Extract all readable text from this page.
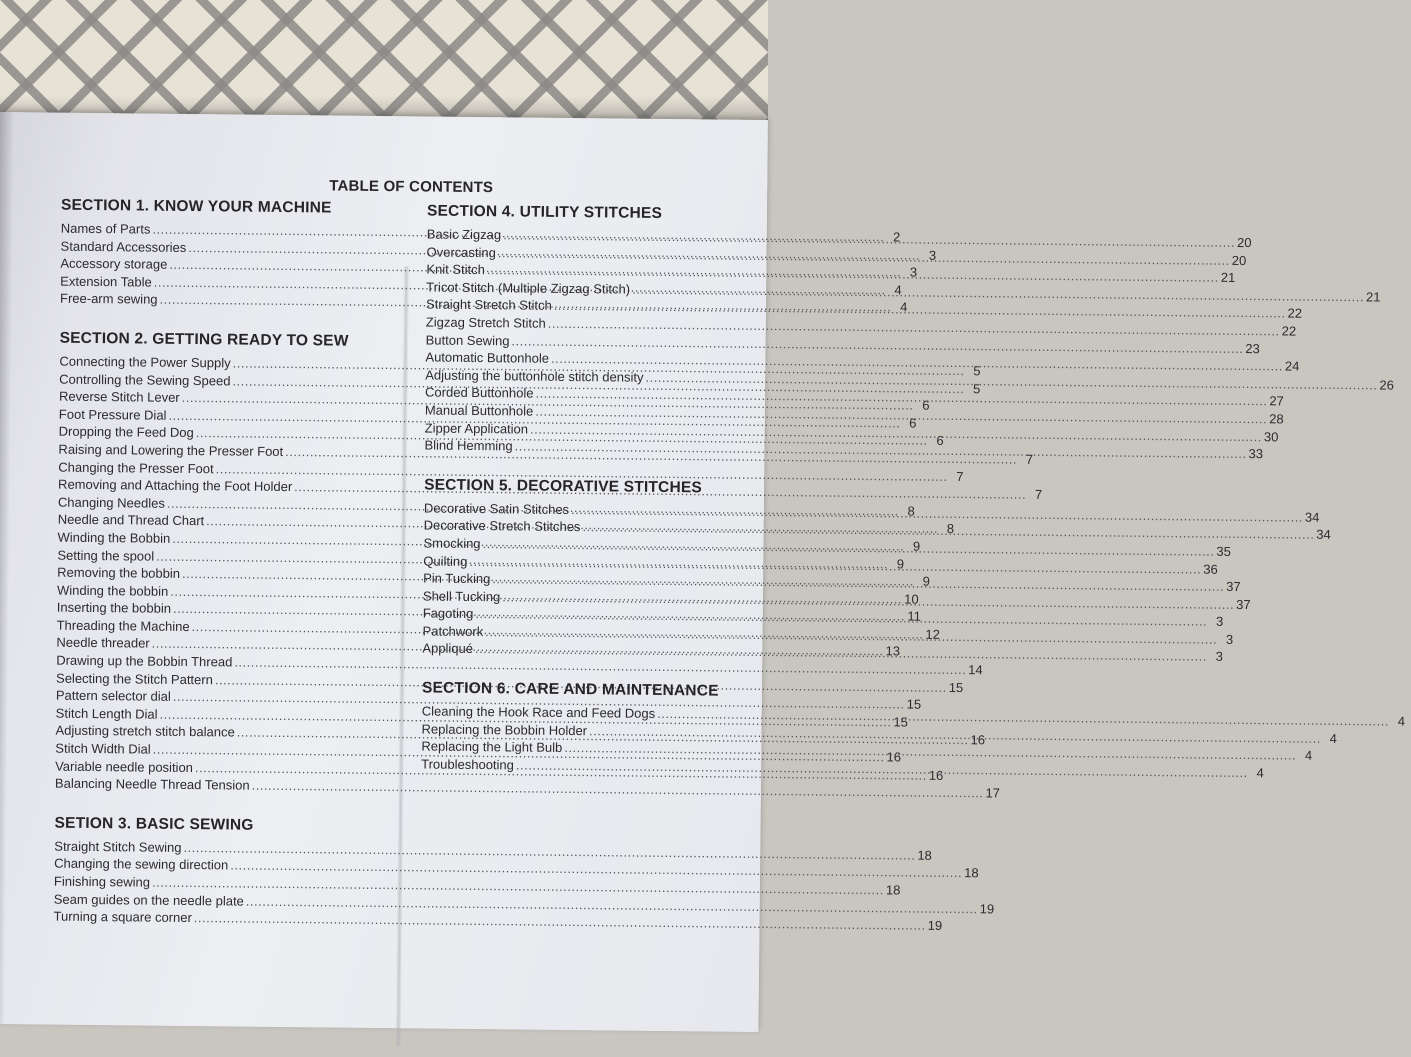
TABLE OF CONTENTS
SECTION 1. KNOW YOUR MACHINE
Names of Parts
.....
2
Standard Accessories
.....
3
Accessory storage
.....
3
Extension Table
.....
4
Free-arm sewing
.....
4
SECTION 2. GETTING READY TO SEW
Connecting the Power Supply
.....
5
Controlling the Sewing Speed
.....
5
Reverse Stitch Lever
.....
6
Foot Pressure Dial
.....
6
Dropping the Feed Dog
.....
6
Raising and Lowering the Presser Foot
.....
7
Changing the Presser Foot
.....
7
Removing and Attaching the Foot Holder
.....
7
Changing Needles
.....
8
Needle and Thread Chart
.....
8
Winding the Bobbin
.....
9
Setting the spool
.....
9
Removing the bobbin
.....
9
Winding the bobbin
.....
10
Inserting the bobbin
.....
11
Threading the Machine
.....
12
Needle threader
.....
13
Drawing up the Bobbin Thread
.....
14
Selecting the Stitch Pattern
.....
15
Pattern selector dial
.....
15
Stitch Length Dial
.....
15
Adjusting stretch stitch balance
.....
16
Stitch Width Dial
.....
16
Variable needle position
.....
16
Balancing Needle Thread Tension
.....
17
SETION 3. BASIC SEWING
Straight Stitch Sewing
.....
18
Changing the sewing direction
.....
18
Finishing sewing
.....
18
Seam guides on the needle plate
.....
19
Turning a square corner
.....
19
SECTION 4. UTILITY STITCHES
Basic Zigzag
.....
20
Overcasting
.....
20
Knit Stitch
.....
21
Tricot Stitch (Multiple Zigzag Stitch)
.....
21
Straight Stretch Stitch
.....
22
Zigzag Stretch Stitch
.....
22
Button Sewing
.....
23
Automatic Buttonhole
.....
24
Adjusting the buttonhole stitch density
.....
26
Corded Buttonhole
.....
27
Manual Buttonhole
.....
28
Zipper Application
.....
30
Blind Hemming
.....
33
SECTION 5. DECORATIVE STITCHES
Decorative Satin Stitches
.....
34
Decorative Stretch Stitches
.....
34
Smocking
.....
35
Quilting
.....
36
Pin Tucking
.....
37
Shell Tucking
.....
37
Fagoting
.....
3
Patchwork
.....
3
Appliqué
.....
3
SECTION 6. CARE AND MAINTENANCE
Cleaning the Hook Race and Feed Dogs
.....
4
Replacing the Bobbin Holder
.....
4
Replacing the Light Bulb
.....
4
Troubleshooting
.....
4
